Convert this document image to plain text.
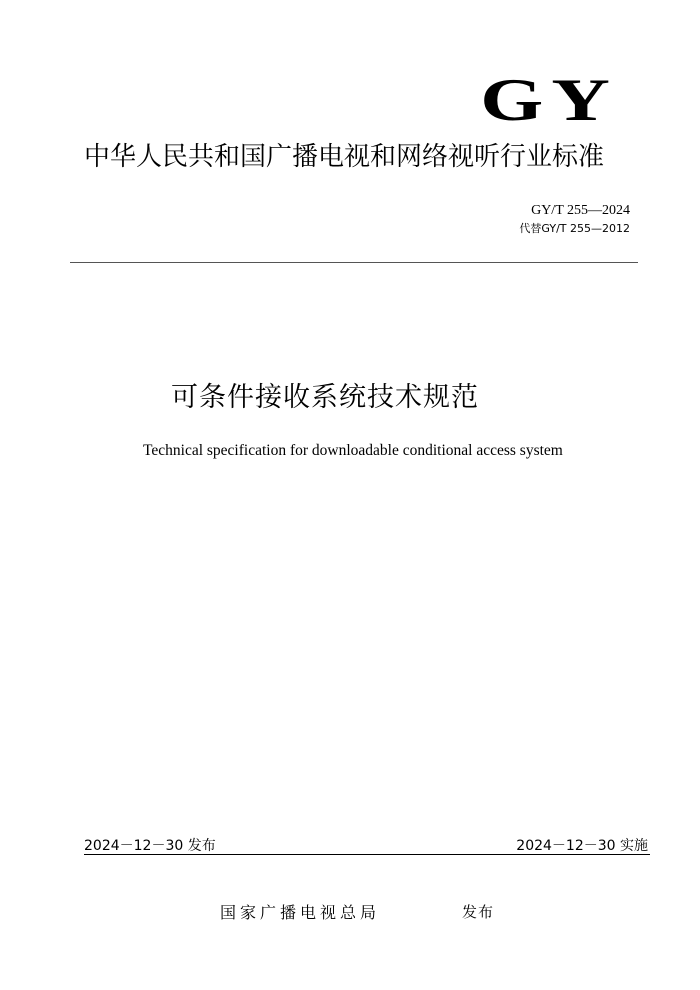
GY
中华人民共和国广播电视和网络视听行业标准
GY/T 255—2024
代替GY/T 255—2012
可条件接收系统技术规范
Technical specification for downloadable conditional access system
2024－12－30 发布	2024－12－30 实施
国家广播电视总局	发布
